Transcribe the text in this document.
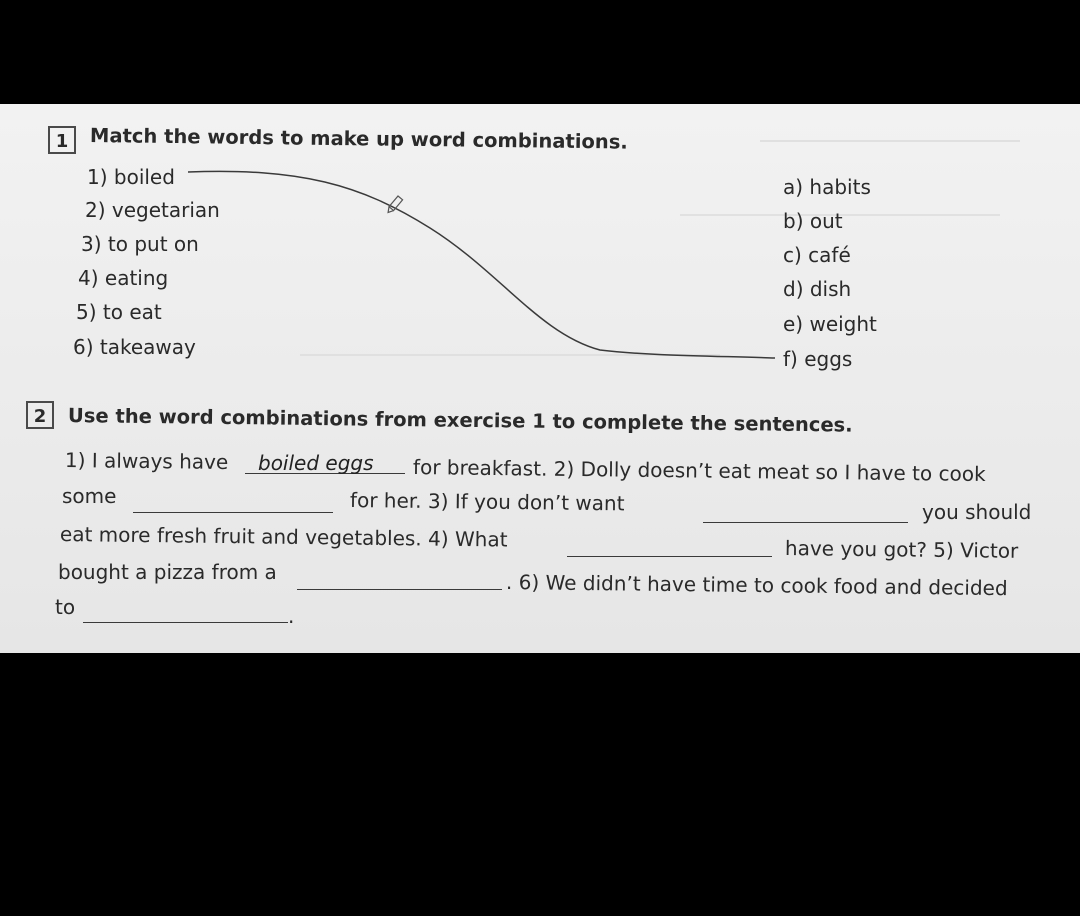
1	Match the words to make up word combinations.
1) boiled
2) vegetarian
3) to put on
4) eating
5) to eat
6) takeaway
a) habits
b) out
c) café
d) dish
e) weight
f) eggs
2	Use the word combinations from exercise 1 to complete the sentences.
1) I always have boiled eggs for breakfast. 2) Dolly doesn’t eat meat so I have to cook
some	for her. 3) If you don’t want	you should
eat more fresh fruit and vegetables. 4) What	have you got? 5) Victor
bought a pizza from a	. 6) We didn’t have time to cook food and decided
to	.
